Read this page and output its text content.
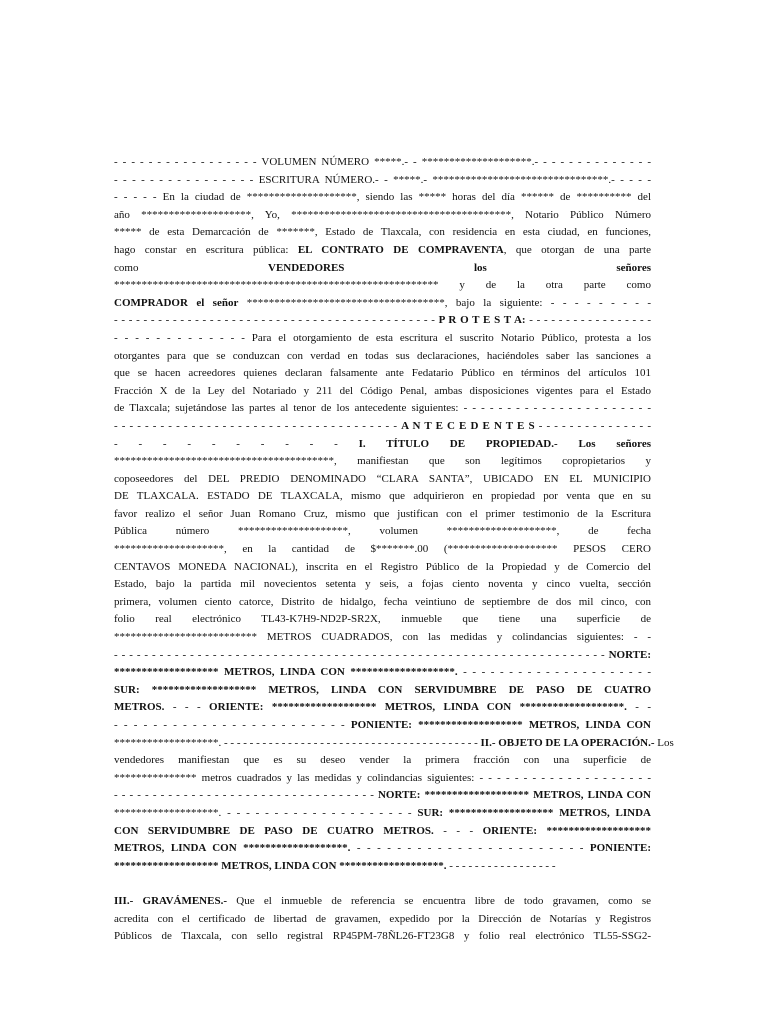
- - - - - - - - - - - - - - - - - VOLUMEN NÚMERO *****.- - ********************.- - - - - - - - - - - - - -
- - - - - - - - - - - - - - - - ESCRITURA NÚMERO.- - *****.- ********************************.- - - - -
- - - - - En la ciudad de ********************, siendo las ***** horas del día ****** de ********** del
año ********************, Yo, ****************************************, Notario Público Número
***** de esta Demarcación de *******, Estado de Tlaxcala, con residencia en esta ciudad, en funciones,
hago constar en escritura pública: EL CONTRATO DE COMPRAVENTA, que otorgan de una parte
como VENDEDORES	los	señores
*********************************************************** y de la otra parte como
COMPRADOR el señor ************************************, bajo la siguiente: - - - - - - - - -
- - - - - - - - - - - - - - - - - - - - - - - - - - - - - - - - - - - - - - - - - - - - P R O T E S T A: - - - - - - - - - - - - - - - - -
- - - - - - - - - - - - - Para el otorgamiento de esta escritura el suscrito Notario Público, protesta a los
otorgantes para que se conduzcan con verdad en todas sus declaraciones, haciéndoles saber las sanciones a
que se hacen acreedores quienes declaran falsamente ante Fedatario Público en términos del artículos 101
Fracción X de la Ley del Notariado y 211 del Código Penal, ambas disposiciones vigentes para el Estado
de Tlaxcala; sujetándose las partes al tenor de los antecedente siguientes: - - - - - - - - - - - - - - - - - - - - - -
- - - - - - - - - - - - - - - - - - - - - - - - - - - - - - - - - - - - - A N T E C E D E N T E S - - - - - - - - - - - - - - -
- - - - - - - - - - I. TÍTULO DE PROPIEDAD.- Los señores
****************************************, manifiestan que son legítimos copropietarios y
coposeedores del DEL PREDIO DENOMINADO “CLARA SANTA”, UBICADO EN EL MUNICIPIO
DE TLAXCALA. ESTADO DE TLAXCALA, mismo que adquirieron en propiedad por venta que en su
favor realizo el señor Juan Romano Cruz, mismo que justifican con el primer testimonio de la Escritura
Pública número ********************, volumen ********************, de fecha
********************, en la cantidad de $*******.00 (******************** PESOS CERO
CENTAVOS MONEDA NACIONAL), inscrita en el Registro Público de la Propiedad y de Comercio del
Estado, bajo la partida mil novecientos setenta y seis, a fojas ciento noventa y cinco vuelta, sección
primera, volumen ciento catorce, Distrito de hidalgo, fecha veintiuno de septiembre de dos mil cinco, con
folio real electrónico TL43-K7H9-ND2P-SR2X, inmueble que tiene una superficie de
************************** METROS CUADRADOS, con las medidas y colindancias siguientes: - -
- - - - - - - - - - - - - - - - - - - - - - - - - - - - - - - - - - - - - - - - - - - - - - - - - - - - - - - - - - - - - - - - - NORTE:
******************* METROS, LINDA CON *******************. - - - - - - - - - - - - - - - - - - - - -
SUR: ******************* METROS, LINDA CON SERVIDUMBRE DE PASO DE CUATRO
METROS. - - - ORIENTE: ******************* METROS, LINDA CON *******************. - -
- - - - - - - - - - - - - - - - - - - - - - - - PONIENTE: ******************* METROS, LINDA CON
*******************. - - - - - - - - - - - - - - - - - - - - - - - - - - - - - - - - - - - - - - - - II.- OBJETO DE LA OPERACIÓN.- Los
vendedores manifiestan que es su deseo vender la primera fracción con una superficie de
*************** metros cuadrados y las medidas y colindancias siguientes: - - - - - - - - - - - - - - - - - - - -
- - - - - - - - - - - - - - - - - - - - - - - - - - - - - - - - - - NORTE: ******************* METROS, LINDA CON
*******************. - - - - - - - - - - - - - - - - - - - - SUR: ******************* METROS, LINDA
CON SERVIDUMBRE DE PASO DE CUATRO METROS. - - - ORIENTE: *******************
METROS, LINDA CON *******************. - - - - - - - - - - - - - - - - - - - - - - - PONIENTE:
******************* METROS, LINDA CON *******************. - - - - - - - - - - - - - - - - -
III.- GRAVÁMENES.- Que el inmueble de referencia se encuentra libre de todo gravamen, como se
acredita con el certificado de libertad de gravamen, expedido por la Dirección de Notarías y Registros
Públicos de Tlaxcala, con sello registral RP45PM-78ÑL26-FT23G8 y folio real electrónico TL55-SSG2-
